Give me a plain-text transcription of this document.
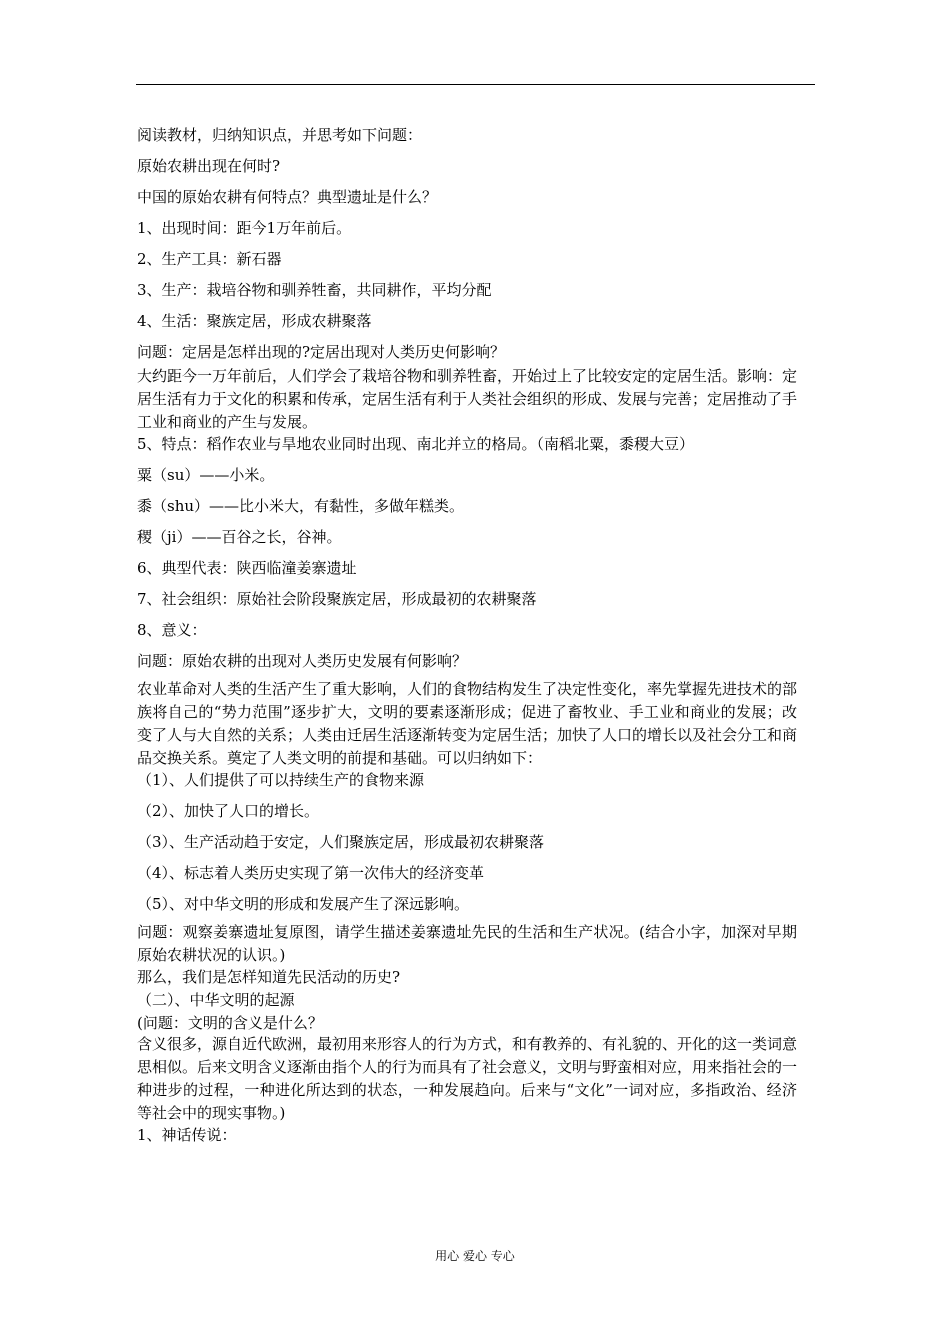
阅读教材，归纳知识点，并思考如下问题：

原始农耕出现在何时?

中国的原始农耕有何特点？典型遗址是什么？

1、出现时间：距今1万年前后。

2、生产工具：新石器

3、生产：栽培谷物和驯养牲畜，共同耕作，平均分配

4、生活：聚族定居，形成农耕聚落

问题：定居是怎样出现的?定居出现对人类历史何影响？

大约距今一万年前后，人们学会了栽培谷物和驯养牲畜，开始过上了比较安定的定居生活。影响：定居生活有力于文化的积累和传承，定居生活有利于人类社会组织的形成、发展与完善；定居推动了手工业和商业的产生与发展。

5、特点：稻作农业与旱地农业同时出现、南北并立的格局。（南稻北粟，黍稷大豆）

粟（su）——小米。

黍（shu）——比小米大，有黏性，多做年糕类。

稷（ji）——百谷之长，谷神。

6、典型代表：陕西临潼姜寨遗址

7、社会组织：原始社会阶段聚族定居，形成最初的农耕聚落

8、意义：

问题：原始农耕的出现对人类历史发展有何影响？

农业革命对人类的生活产生了重大影响，人们的食物结构发生了决定性变化，率先掌握先进技术的部族将自己的“势力范围”逐步扩大，文明的要素逐渐形成；促进了畜牧业、手工业和商业的发展；改变了人与大自然的关系；人类由迁居生活逐渐转变为定居生活；加快了人口的增长以及社会分工和商品交换关系。奠定了人类文明的前提和基础。可以归纳如下：

（1）、人们提供了可以持续生产的食物来源

（2）、加快了人口的增长。

（3）、生产活动趋于安定，人们聚族定居，形成最初农耕聚落

（4）、标志着人类历史实现了第一次伟大的经济变革

（5）、对中华文明的形成和发展产生了深远影响。

问题：观察姜寨遗址复原图，请学生描述姜寨遗址先民的生活和生产状况。(结合小字，加深对早期原始农耕状况的认识。)

那么，我们是怎样知道先民活动的历史?

（二）、中华文明的起源

(问题：文明的含义是什么？

含义很多，源自近代欧洲，最初用来形容人的行为方式，和有教养的、有礼貌的、开化的这一类词意思相似。后来文明含义逐渐由指个人的行为而具有了社会意义，文明与野蛮相对应，用来指社会的一种进步的过程，一种进化所达到的状态，一种发展趋向。后来与“文化”一词对应，多指政治、经济等社会中的现实事物。)

1、神话传说：

用心 爱心 专心
